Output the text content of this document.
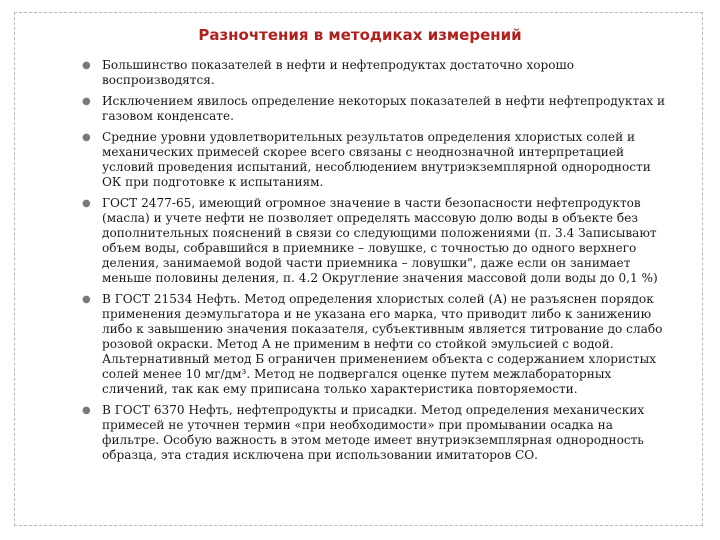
Разночтения в методиках измерений
● Большинство показателей в нефти и нефтепродуктах достаточно хорошо воспроизводятся.
● Исключением явилось определение некоторых показателей в нефти нефтепродуктах и газовом конденсате.
● Средние уровни удовлетворительных результатов определения хлористых солей и механических примесей скорее всего связаны с неоднозначной интерпретацией условий проведения испытаний, несоблюдением внутриэкземплярной однородности ОК при подготовке к испытаниям.
● ГОСТ 2477-65, имеющий огромное значение в части безопасности нефтепродуктов (масла) и учете нефти не позволяет определять массовую долю воды в объекте без дополнительных пояснений в связи со следующими положениями (п. 3.4 Записывают объем воды, собравшийся в приемнике – ловушке, с точностью до одного верхнего деления, занимаемой водой части приемника – ловушки", даже если он занимает меньше половины деления, п. 4.2 Округление значения массовой доли воды до 0,1 %)
● В ГОСТ 21534 Нефть. Метод определения хлористых солей (А) не разъяснен порядок применения деэмульгатора и не указана его марка, что приводит либо к занижению либо к завышению значения показателя, субъективным является титрование до слабо розовой окраски. Метод А не применим в нефти со стойкой эмульсией с водой. Альтернативный метод Б ограничен применением объекта с содержанием хлористых солей менее 10 мг/дм³. Метод не подвергался оценке путем межлабораторных сличений, так как ему приписана только характеристика повторяемости.
● В ГОСТ 6370 Нефть, нефтепродукты и присадки. Метод определения механических примесей не уточнен термин «при необходимости» при промывании осадка на фильтре. Особую важность в этом методе имеет внутриэкземплярная однородность образца, эта стадия исключена при использовании имитаторов СО.
